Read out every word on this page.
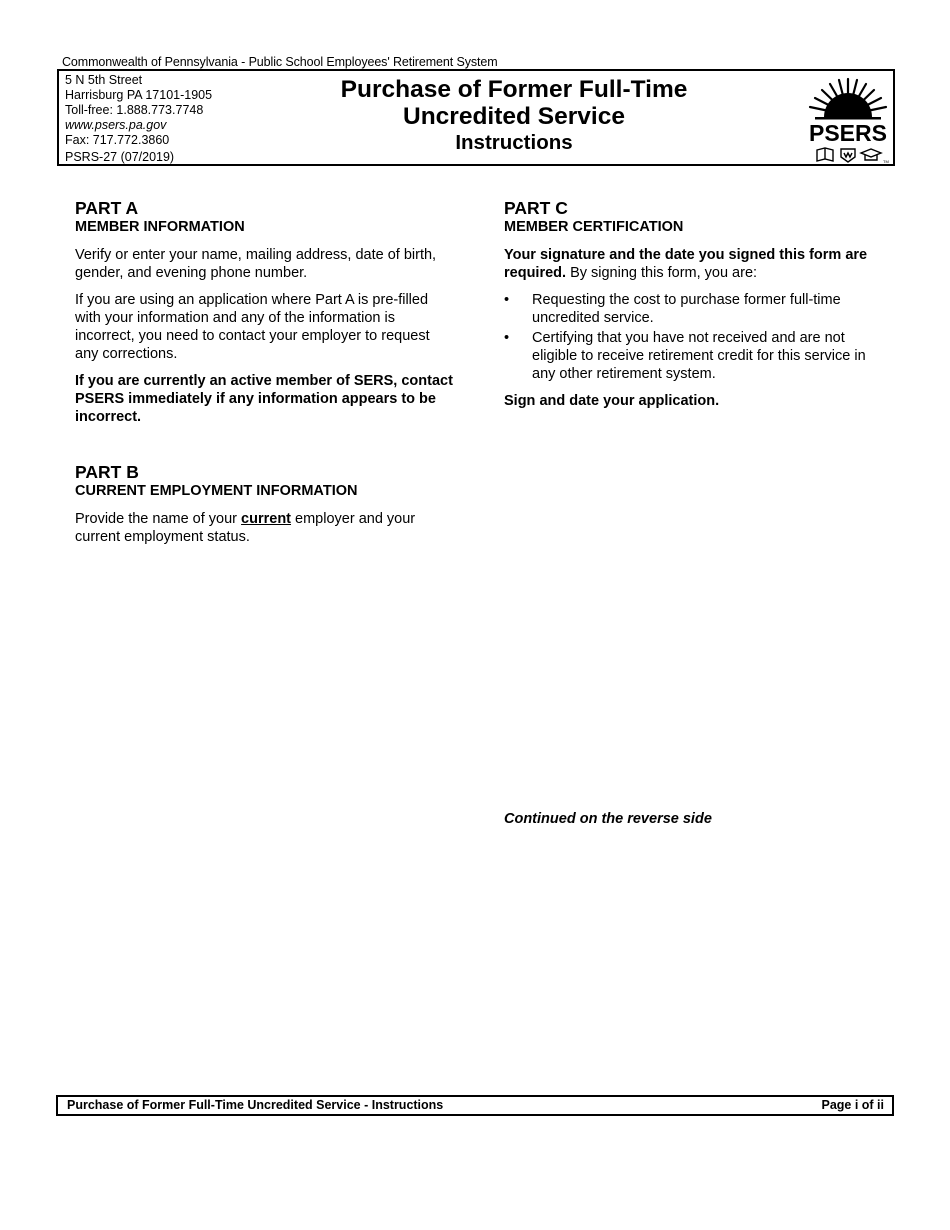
Commonwealth of Pennsylvania - Public School Employees' Retirement System
5 N 5th Street
Harrisburg PA 17101-1905
Toll-free: 1.888.773.7748
www.psers.pa.gov
Fax: 717.772.3860
PSRS-27 (07/2019)
Purchase of Former Full-Time
Uncredited Service
Instructions	PSERS
TM
PART A
MEMBER INFORMATION

Verify or enter your name, mailing address, date of birth, gender, and evening phone number.

If you are using an application where Part A is pre-filled with your information and any of the information is incorrect, you need to contact your employer to request any corrections.

If you are currently an active member of SERS, contact PSERS immediately if any information appears to be incorrect.

PART B
CURRENT EMPLOYMENT INFORMATION

Provide the name of your current employer and your current employment status.

PART C
MEMBER CERTIFICATION

Your signature and the date you signed this form are required. By signing this form, you are:

• Requesting the cost to purchase former full-time uncredited service.
• Certifying that you have not received and are not eligible to receive retirement credit for this service in any other retirement system.

Sign and date your application.

Continued on the reverse side
Purchase of Former Full-Time Uncredited Service - Instructions	Page i of ii
